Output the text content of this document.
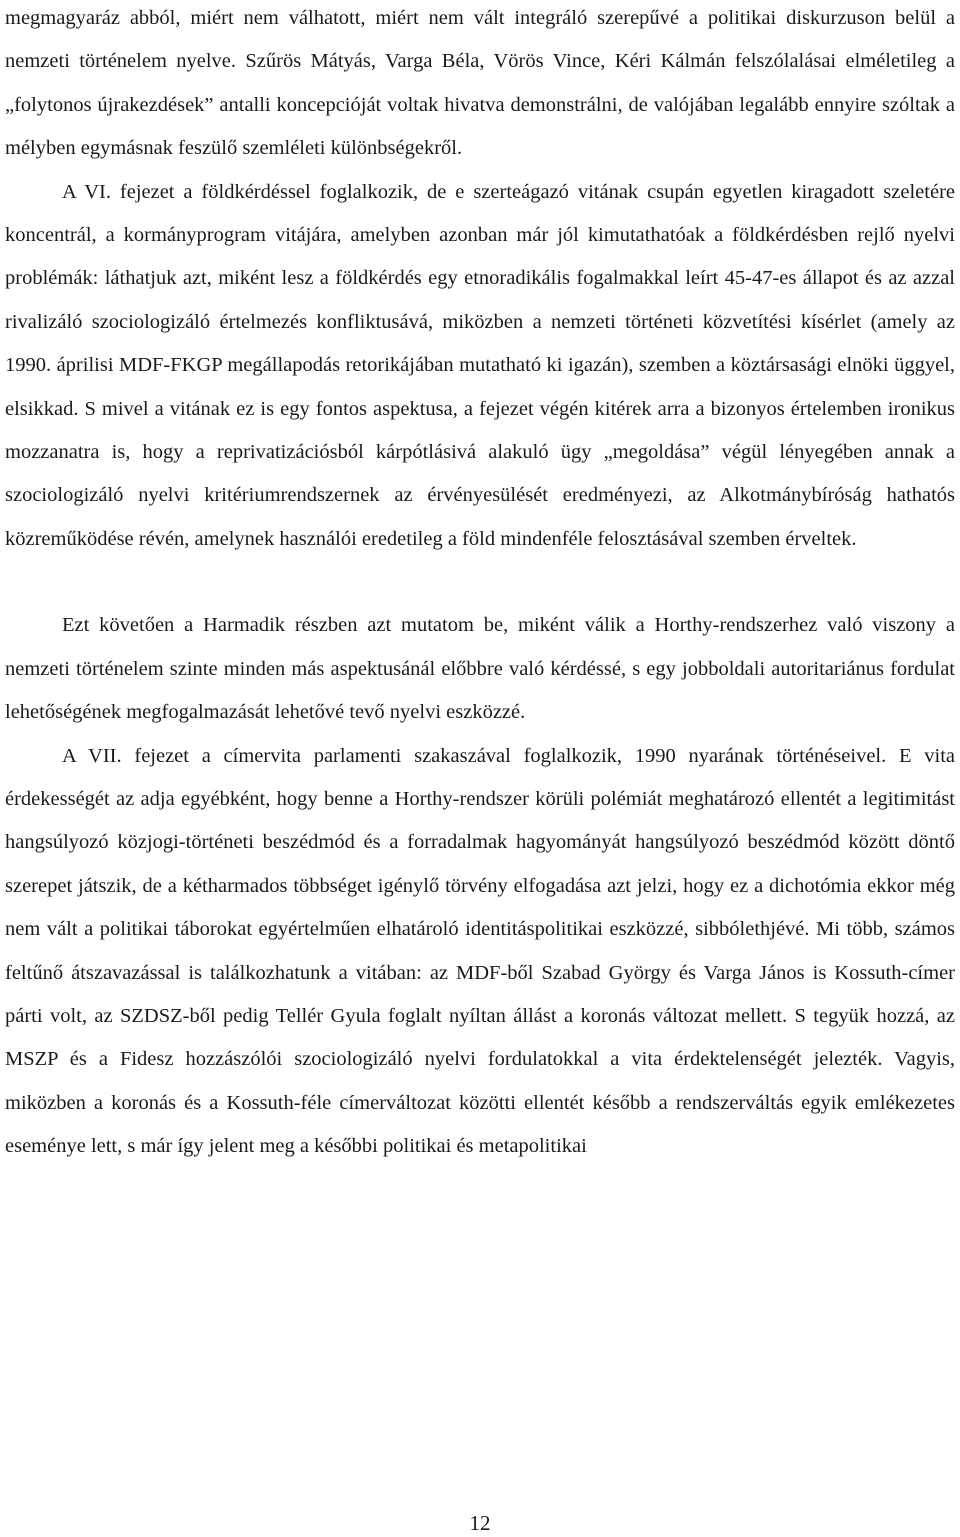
megmagyaráz abból, miért nem válhatott, miért nem vált integráló szerepűvé a politikai diskurzuson belül a nemzeti történelem nyelve. Szűrös Mátyás, Varga Béla, Vörös Vince, Kéri Kálmán felszólalásai elméletileg a „folytonos újrakezdések” antalli koncepcióját voltak hivatva demonstrálni, de valójában legalább ennyire szóltak a mélyben egymásnak feszülő szemléleti különbségekről.

A VI. fejezet a földkérdéssel foglalkozik, de e szerteágazó vitának csupán egyetlen kiragadott szeletére koncentrál, a kormányprogram vitájára, amelyben azonban már jól kimutathatóak a földkérdésben rejlő nyelvi problémák: láthatjuk azt, miként lesz a földkérdés egy etnoradikális fogalmakkal leírt 45-47-es állapot és az azzal rivalizáló szociologizáló értelmezés konfliktusává, miközben a nemzeti történeti közvetítési kísérlet (amely az 1990. áprilisi MDF-FKGP megállapodás retorikájában mutatható ki igazán), szemben a köztársasági elnöki üggyel, elsikkad. S mivel a vitának ez is egy fontos aspektusa, a fejezet végén kitérek arra a bizonyos értelemben ironikus mozzanatra is, hogy a reprivatizációsból kárpótlásivá alakuló ügy „megoldása” végül lényegében annak a szociologizáló nyelvi kritériumrendszernek az érvényesülését eredményezi, az Alkotmánybíróság hathatós közreműködése révén, amelynek használói eredetileg a föld mindenféle felosztásával szemben érveltek.

Ezt követően a Harmadik részben azt mutatom be, miként válik a Horthy-rendszerhez való viszony a nemzeti történelem szinte minden más aspektusánál előbbre való kérdéssé, s egy jobboldali autoritariánus fordulat lehetőségének megfogalmazását lehetővé tevő nyelvi eszközzé.

A VII. fejezet a címervita parlamenti szakaszával foglalkozik, 1990 nyarának történéseivel. E vita érdekességét az adja egyébként, hogy benne a Horthy-rendszer körüli polémiát meghatározó ellentét a legitimitást hangsúlyozó közjogi-történeti beszédmód és a forradalmak hagyományát hangsúlyozó beszédmód között döntő szerepet játszik, de a kétharmados többséget igénylő törvény elfogadása azt jelzi, hogy ez a dichotómia ekkor még nem vált a politikai táborokat egyértelműen elhatároló identitáspolitikai eszközzé, sibbólethjévé. Mi több, számos feltűnő átszavazással is találkozhatunk a vitában: az MDF-ből Szabad György és Varga János is Kossuth-címer párti volt, az SZDSZ-ből pedig Tellér Gyula foglalt nyíltan állást a koronás változat mellett. S tegyük hozzá, az MSZP és a Fidesz hozzászólói szociologizáló nyelvi fordulatokkal a vita érdektelenségét jelezték. Vagyis, miközben a koronás és a Kossuth-féle címerváltozat közötti ellentét később a rendszerváltás egyik emlékezetes eseménye lett, s már így jelent meg a későbbi politikai és metapolitikai

12
